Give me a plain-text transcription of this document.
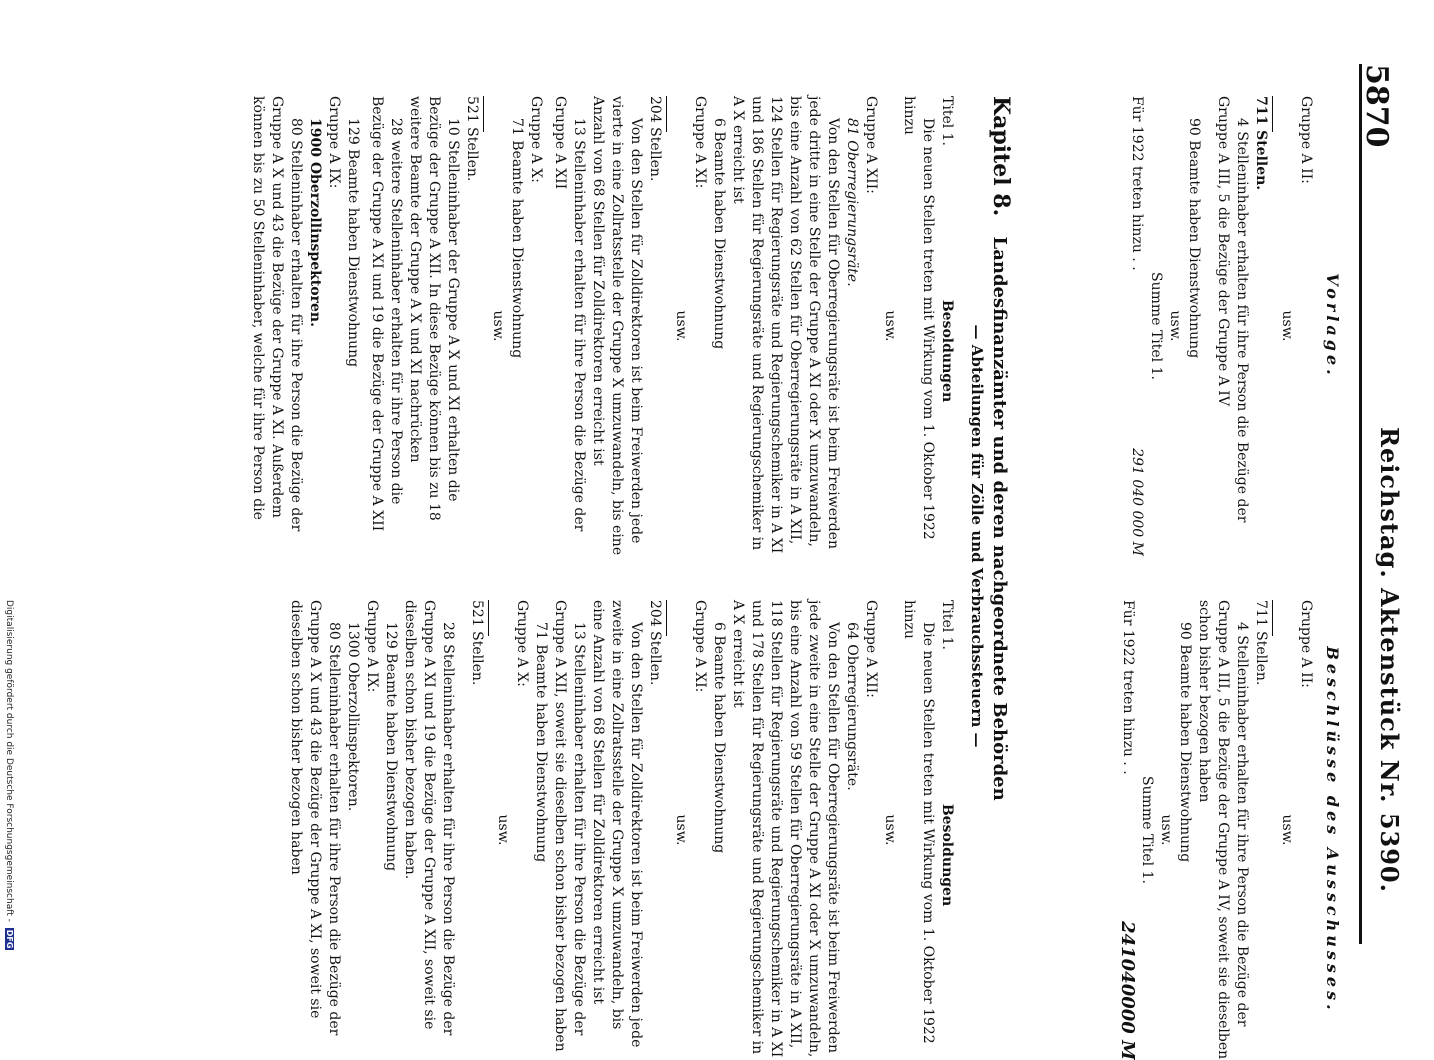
5870
Reichstag. Aktenstück Nr. 5390.
Vorlage.

Gruppe A II:

usw.

711 Stellen.

4 Stelleninhaber erhalten für ihre Person die Bezüge der Gruppe A III, 5 die Bezüge der Gruppe A IV

90 Beamte haben Dienstwohnung

usw.

Summe Titel 1.

Für 1922 treten hinzu . .
291 040 000 M
Beschlüsse des Ausschusses.

Gruppe A II:

usw.

711 Stellen.

4 Stelleninhaber erhalten für ihre Person die Bezüge der Gruppe A III, 5 die Bezüge der Gruppe A IV, soweit sie dieselben schon bisher bezogen haben

90 Beamte haben Dienstwohnung

usw.

Summe Titel 1.

Für 1922 treten hinzu . .
241040000 M
Kapitel 8. Landesfinanzämter und deren nachgeordnete Behörden
— Abteilungen für Zölle und Verbrauchssteuern —
Titel 1.
Besoldungen

Die neuen Stellen treten mit Wirkung vom 1. Oktober 1922 hinzu

usw.

Gruppe A XII:

81 Oberregierungsräte.

Von den Stellen für Oberregierungsräte ist beim Freiwerden jede dritte in eine Stelle der Gruppe A XI oder X umzuwandeln, bis eine Anzahl von 62 Stellen für Oberregierungsräte in A XII, 124 Stellen für Regierungsräte und Regierungschemiker in A XI und 186 Stellen für Regierungsräte und Regierungschemiker in A X erreicht ist

6 Beamte haben Dienstwohnung

Gruppe A XI:

usw.

204 Stellen.

Von den Stellen für Zolldirektoren ist beim Freiwerden jede vierte in eine Zollratsstelle der Gruppe X umzuwandeln, bis eine Anzahl von 68 Stellen für Zolldirektoren erreicht ist

13 Stelleninhaber erhalten für ihre Person die Bezüge der Gruppe A XII

Gruppe A X:

71 Beamte haben Dienstwohnung

usw.

521 Stellen.

10 Stelleninhaber der Gruppe A X und XI erhalten die Bezüge der Gruppe A XII. In diese Bezüge können bis zu 18 weitere Beamte der Gruppe A X und XI nachrücken

28 weitere Stelleninhaber erhalten für ihre Person die Bezüge der Gruppe A XI und 19 die Bezüge der Gruppe A XII

129 Beamte haben Dienstwohnung

Gruppe A IX:

1900 Oberzollinspektoren.

80 Stelleninhaber erhalten für ihre Person die Bezüge der Gruppe A X und 43 die Bezüge der Gruppe A XI. Außerdem können bis zu 50 Stelleninhaber, welche für ihre Person die

Titel 1.
Besoldungen

Die neuen Stellen treten mit Wirkung vom 1. Oktober 1922 hinzu

usw.

Gruppe A XII:

64 Oberregierungsräte.

Von den Stellen für Oberregierungsräte ist beim Freiwerden jede zweite in eine Stelle der Gruppe A XI oder X umzuwandeln, bis eine Anzahl von 59 Stellen für Oberregierungsräte in A XII, 118 Stellen für Regierungsräte und Regierungschemiker in A XI und 178 Stellen für Regierungsräte und Regierungschemiker in A X erreicht ist

6 Beamte haben Dienstwohnung

Gruppe A XI:

usw.

204 Stellen.

Von den Stellen für Zolldirektoren ist beim Freiwerden jede zweite in eine Zollratsstelle der Gruppe X umzuwandeln, bis eine Anzahl von 68 Stellen für Zolldirektoren erreicht ist

13 Stelleninhaber erhalten für ihre Person die Bezüge der Gruppe A XII, soweit sie dieselben schon bisher bezogen haben

71 Beamte haben Dienstwohnung

Gruppe A X:

usw.

521 Stellen.

28 Stelleninhaber erhalten für ihre Person die Bezüge der Gruppe A XI und 19 die Bezüge der Gruppe A XII, soweit sie dieselben schon bisher bezogen haben.

129 Beamte haben Dienstwohnung

Gruppe A IX:

1300 Oberzollinspektoren.

80 Stelleninhaber erhalten für ihre Person die Bezüge der Gruppe A X und 43 die Bezüge der Gruppe A XI, soweit sie dieselben schon bisher bezogen haben

Digitalisierung gefördert durch die Deutsche Forschungsgemeinschaft - DFG
